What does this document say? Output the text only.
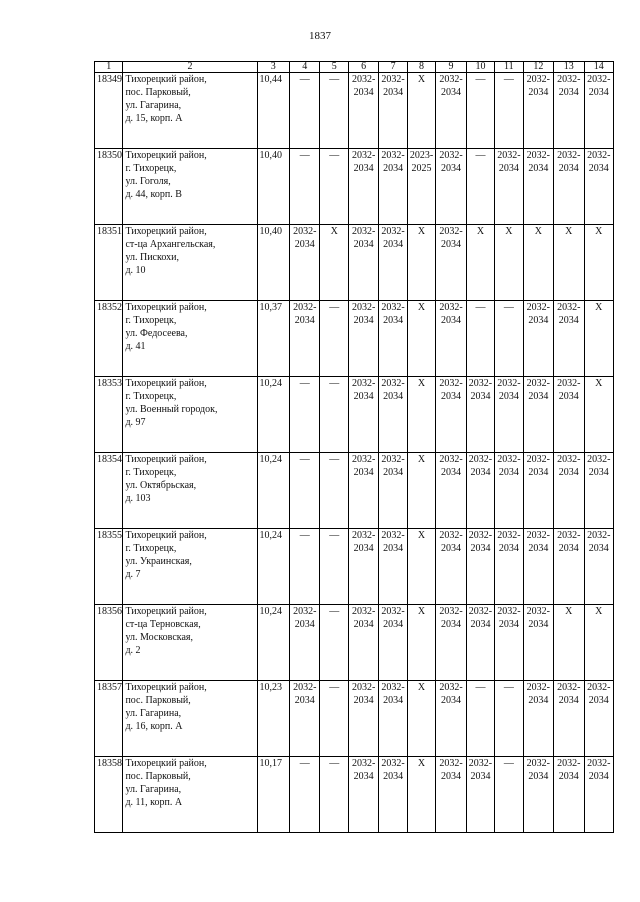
1837
1	2	3	4	5	6	7	8	9	10	11	12	13	14
18349	Тихорецкий район,
пос. Парковый,
ул. Гагарина,
д. 15, корп. А	10,44	—	—	2032-
2034	2032-
2034	X	2032-
2034	—	—	2032-
2034	2032-
2034	2032-
2034
18350	Тихорецкий район,
г. Тихорецк,
ул. Гоголя,
д. 44, корп. В	10,40	—	—	2032-
2034	2032-
2034	2023-
2025	2032-
2034	—	2032-
2034	2032-
2034	2032-
2034	2032-
2034
18351	Тихорецкий район,
ст-ца Архангельская,
ул. Пискохи,
д. 10	10,40	2032-
2034	X	2032-
2034	2032-
2034	X	2032-
2034	X	X	X	X	X
18352	Тихорецкий район,
г. Тихорецк,
ул. Федосеева,
д. 41	10,37	2032-
2034	—	2032-
2034	2032-
2034	X	2032-
2034	—	—	2032-
2034	2032-
2034	X
18353	Тихорецкий район,
г. Тихорецк,
ул. Военный городок,
д. 97	10,24	—	—	2032-
2034	2032-
2034	X	2032-
2034	2032-
2034	2032-
2034	2032-
2034	2032-
2034	X
18354	Тихорецкий район,
г. Тихорецк,
ул. Октябрьская,
д. 103	10,24	—	—	2032-
2034	2032-
2034	X	2032-
2034	2032-
2034	2032-
2034	2032-
2034	2032-
2034	2032-
2034
18355	Тихорецкий район,
г. Тихорецк,
ул. Украинская,
д. 7	10,24	—	—	2032-
2034	2032-
2034	X	2032-
2034	2032-
2034	2032-
2034	2032-
2034	2032-
2034	2032-
2034
18356	Тихорецкий район,
ст-ца Терновская,
ул. Московская,
д. 2	10,24	2032-
2034	—	2032-
2034	2032-
2034	X	2032-
2034	2032-
2034	2032-
2034	2032-
2034	X	X
18357	Тихорецкий район,
пос. Парковый,
ул. Гагарина,
д. 16, корп. А	10,23	2032-
2034	—	2032-
2034	2032-
2034	X	2032-
2034	—	—	2032-
2034	2032-
2034	2032-
2034
18358	Тихорецкий район,
пос. Парковый,
ул. Гагарина,
д. 11, корп. А	10,17	—	—	2032-
2034	2032-
2034	X	2032-
2034	2032-
2034	—	2032-
2034	2032-
2034	2032-
2034
